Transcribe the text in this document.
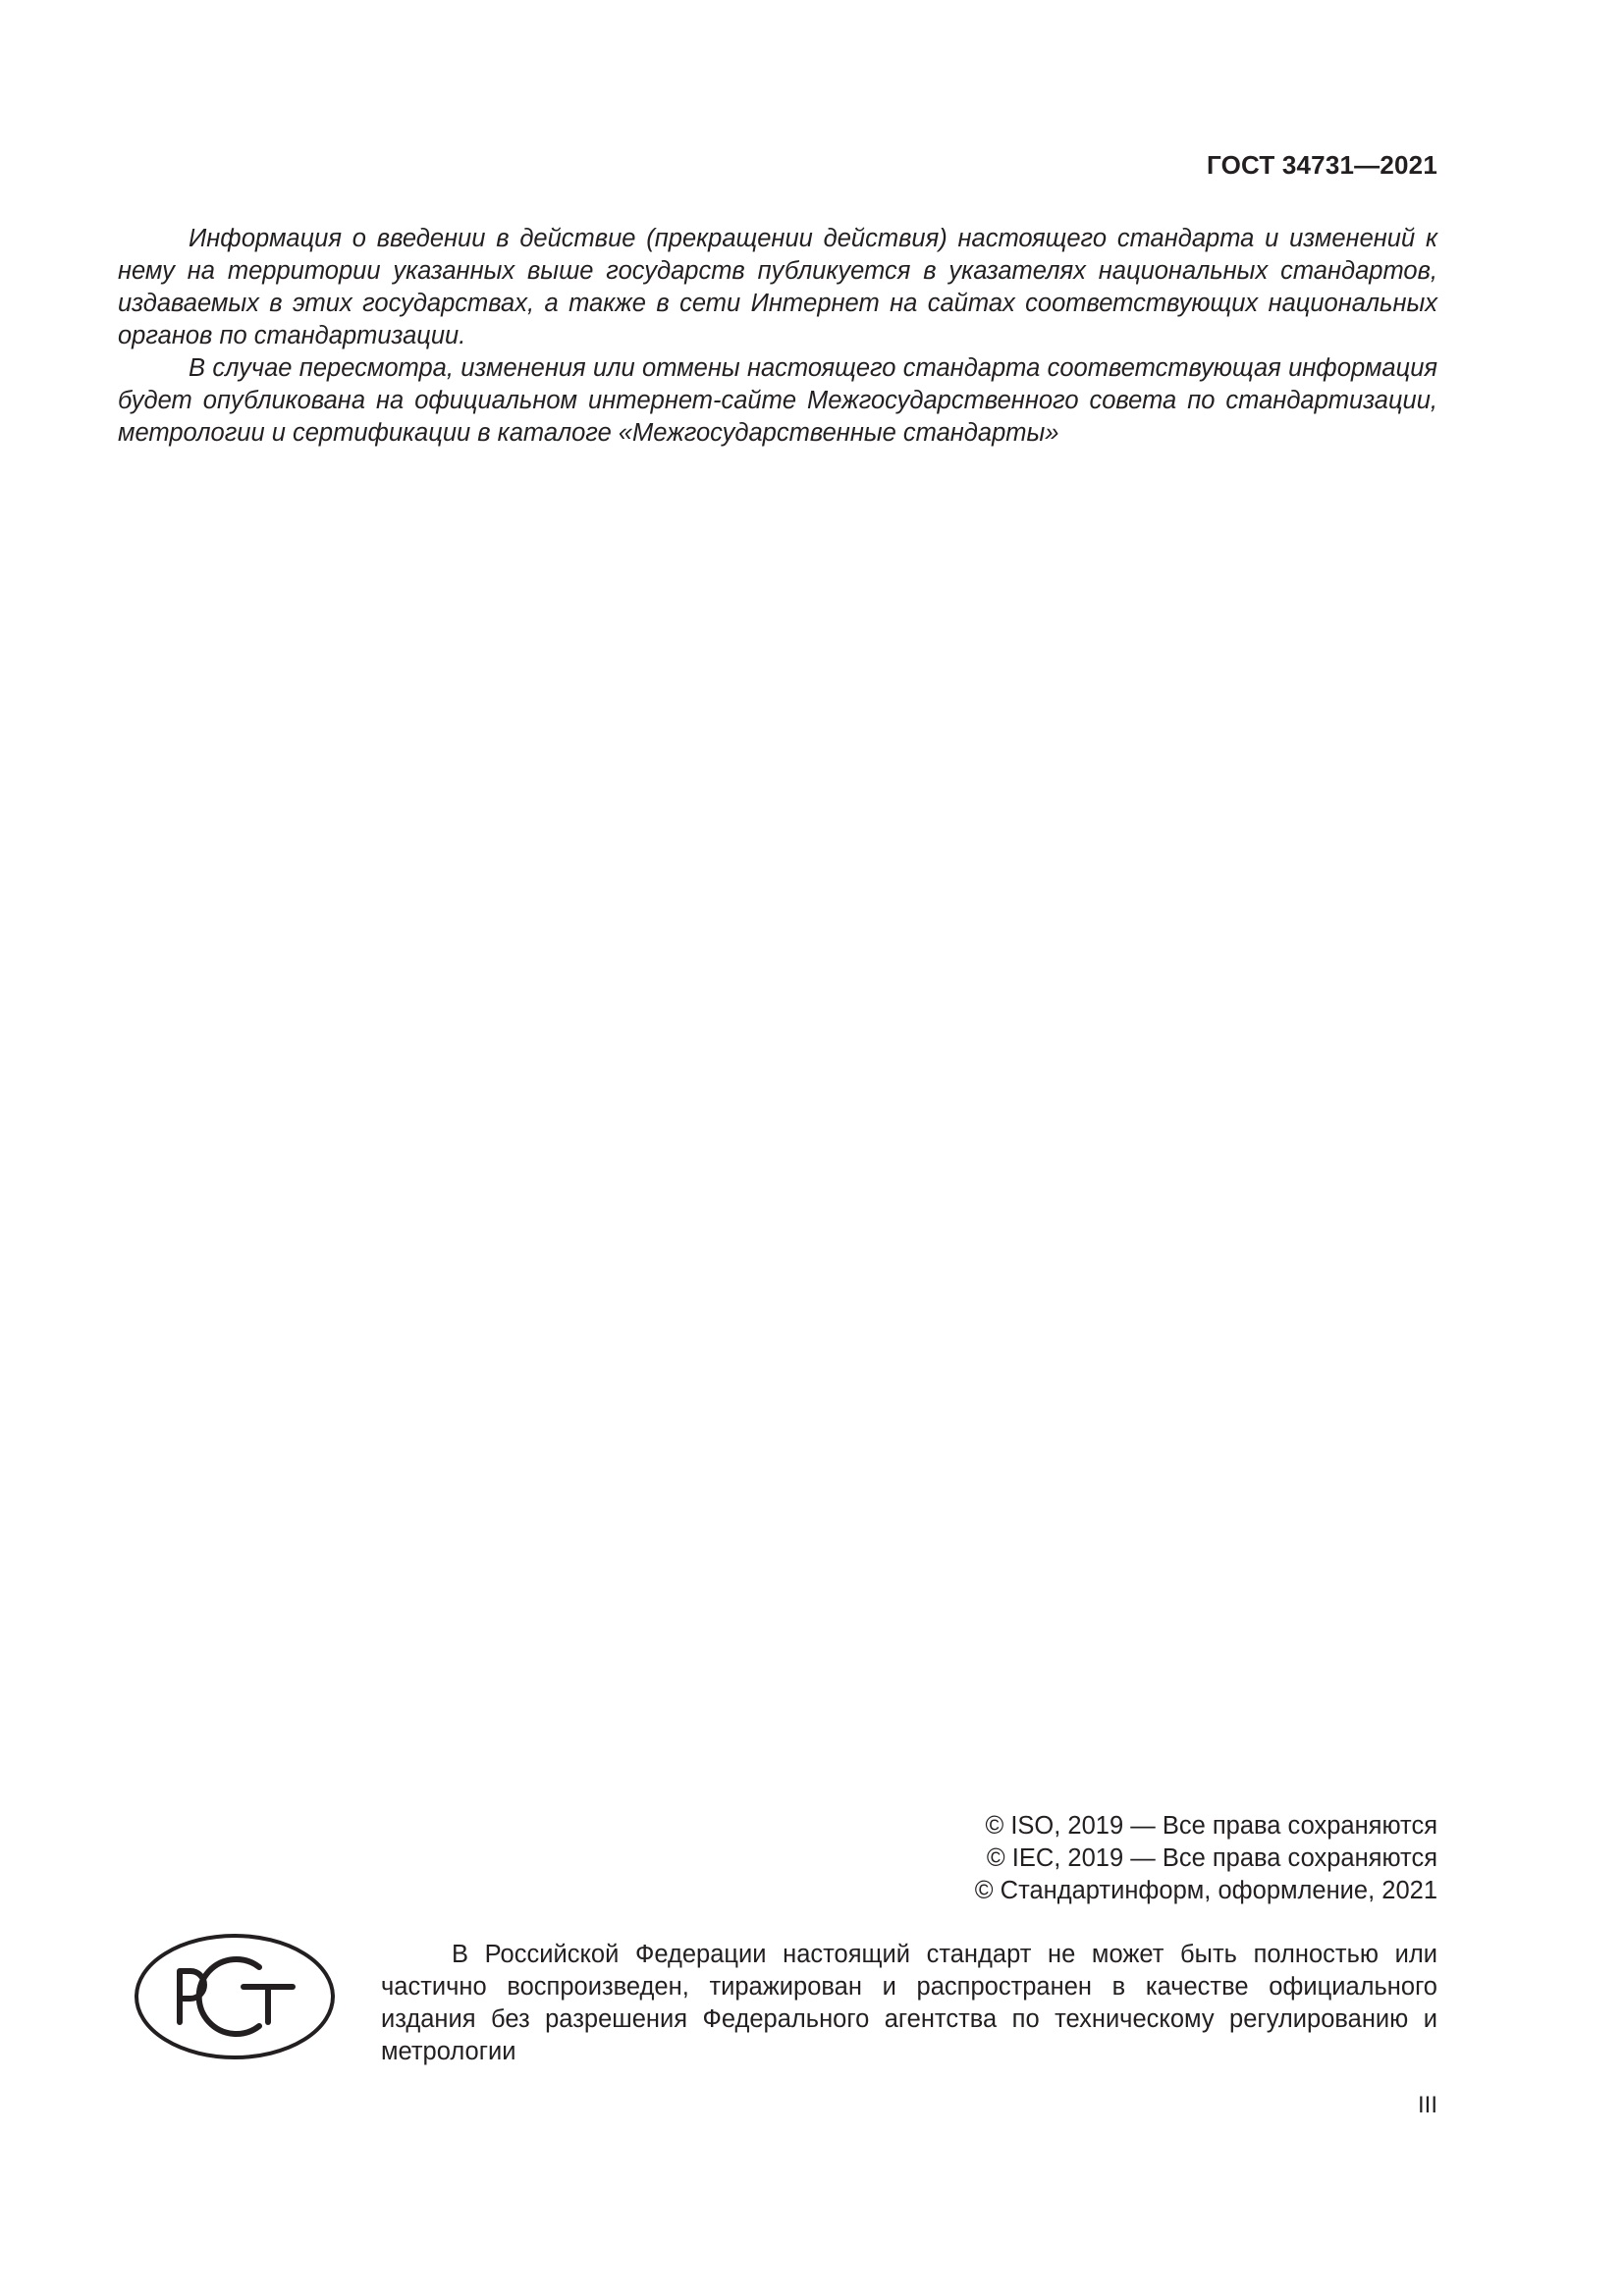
ГОСТ 34731—2021

Информация о введении в действие (прекращении действия) настоящего стандарта и изменений к нему на территории указанных выше государств публикуется в указателях национальных стандартов, издаваемых в этих государствах, а также в сети Интернет на сайтах соответствующих национальных органов по стандартизации.

В случае пересмотра, изменения или отмены настоящего стандарта соответствующая информация будет опубликована на официальном интернет-сайте Межгосударственного совета по стандартизации, метрологии и сертификации в каталоге «Межгосударственные стандарты»

© ISO, 2019 — Все права сохраняются
© IEC, 2019 — Все права сохраняются
© Стандартинформ, оформление, 2021

В Российской Федерации настоящий стандарт не может быть полностью или частично воспроизведен, тиражирован и распространен в качестве официального издания без разрешения Федерального агентства по техническому регулированию и метрологии

III
